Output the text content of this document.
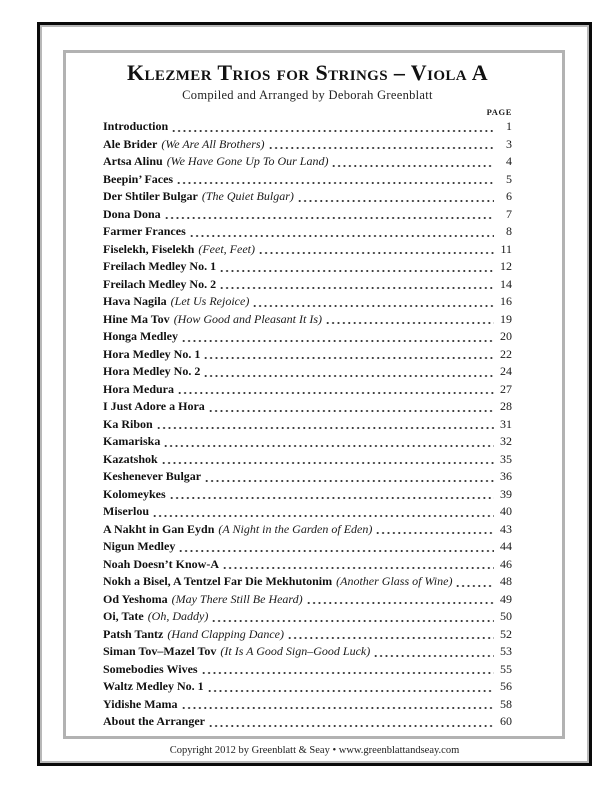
Klezmer Trios for Strings – Viola A
Compiled and Arranged by Deborah Greenblatt
PAGE
Introduction	1
Ale Brider (We Are All Brothers)	3
Artsa Alinu (We Have Gone Up To Our Land)	4
Beepin’ Faces	5
Der Shtiler Bulgar (The Quiet Bulgar)	6
Dona Dona	7
Farmer Frances	8
Fiselekh, Fiselekh (Feet, Feet)	11
Freilach Medley No. 1	12
Freilach Medley No. 2	14
Hava Nagila (Let Us Rejoice)	16
Hine Ma Tov (How Good and Pleasant It Is)	19
Honga Medley	20
Hora Medley No. 1	22
Hora Medley No. 2	24
Hora Medura	27
I Just Adore a Hora	28
Ka Ribon	31
Kamariska	32
Kazatshok	35
Keshenever Bulgar	36
Kolomeykes	39
Miserlou	40
A Nakht in Gan Eydn (A Night in the Garden of Eden)	43
Nigun Medley	44
Noah Doesn’t Know-A	46
Nokh a Bisel, A Tentzel Far Die Mekhutonim (Another Glass of Wine)	48
Od Yeshoma (May There Still Be Heard)	49
Oi, Tate (Oh, Daddy)	50
Patsh Tantz (Hand Clapping Dance)	52
Siman Tov–Mazel Tov (It Is A Good Sign–Good Luck)	53
Somebodies Wives	55
Waltz Medley No. 1	56
Yidishe Mama	58
About the Arranger	60
Copyright 2012 by Greenblatt & Seay • www.greenblattandseay.com
